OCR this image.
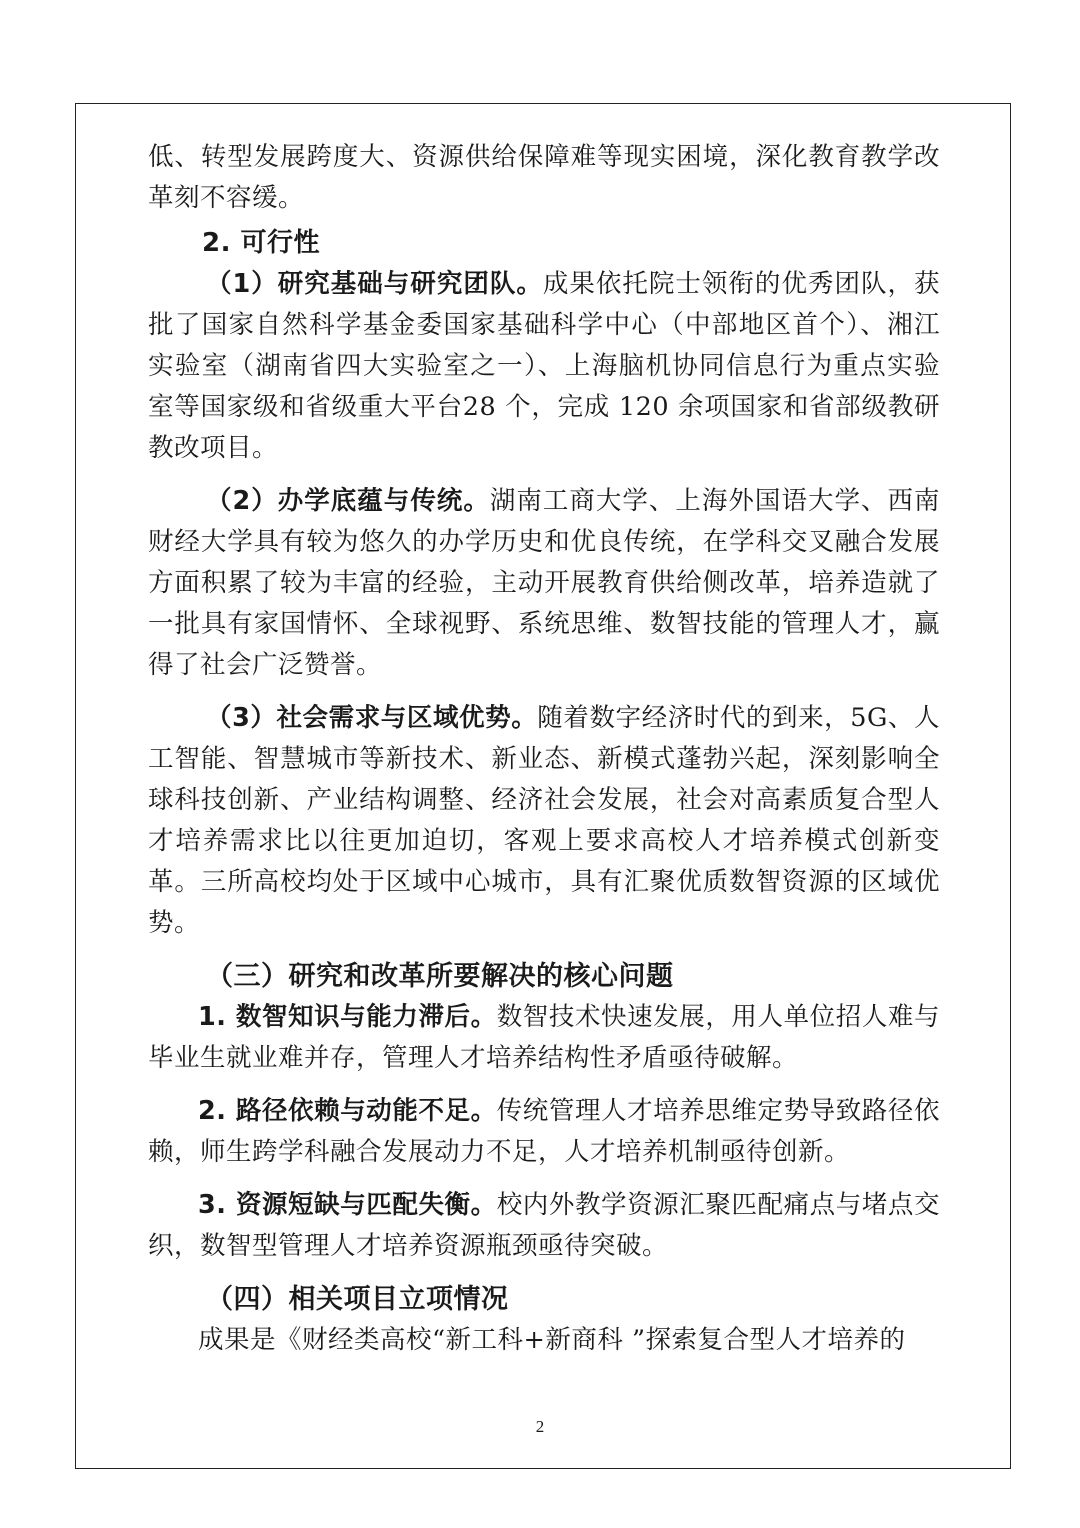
低、转型发展跨度大、资源供给保障难等现实困境，深化教育教学改革刻不容缓。

2. 可行性

（1）研究基础与研究团队。成果依托院士领衔的优秀团队，获批了国家自然科学基金委国家基础科学中心（中部地区首个）、湘江实验室（湖南省四大实验室之一）、上海脑机协同信息行为重点实验室等国家级和省级重大平台28 个，完成 120 余项国家和省部级教研教改项目。

（2）办学底蕴与传统。湖南工商大学、上海外国语大学、西南财经大学具有较为悠久的办学历史和优良传统，在学科交叉融合发展方面积累了较为丰富的经验，主动开展教育供给侧改革，培养造就了一批具有家国情怀、全球视野、系统思维、数智技能的管理人才，赢得了社会广泛赞誉。

（3）社会需求与区域优势。随着数字经济时代的到来，5G、人工智能、智慧城市等新技术、新业态、新模式蓬勃兴起，深刻影响全球科技创新、产业结构调整、经济社会发展，社会对高素质复合型人才培养需求比以往更加迫切，客观上要求高校人才培养模式创新变革。三所高校均处于区域中心城市，具有汇聚优质数智资源的区域优势。

（三）研究和改革所要解决的核心问题

1. 数智知识与能力滞后。数智技术快速发展，用人单位招人难与毕业生就业难并存，管理人才培养结构性矛盾亟待破解。

2. 路径依赖与动能不足。传统管理人才培养思维定势导致路径依赖，师生跨学科融合发展动力不足，人才培养机制亟待创新。

3. 资源短缺与匹配失衡。校内外教学资源汇聚匹配痛点与堵点交织，数智型管理人才培养资源瓶颈亟待突破。

（四）相关项目立项情况

成果是《财经类高校“新工科+新商科 ”探索复合型人才培养的

2
